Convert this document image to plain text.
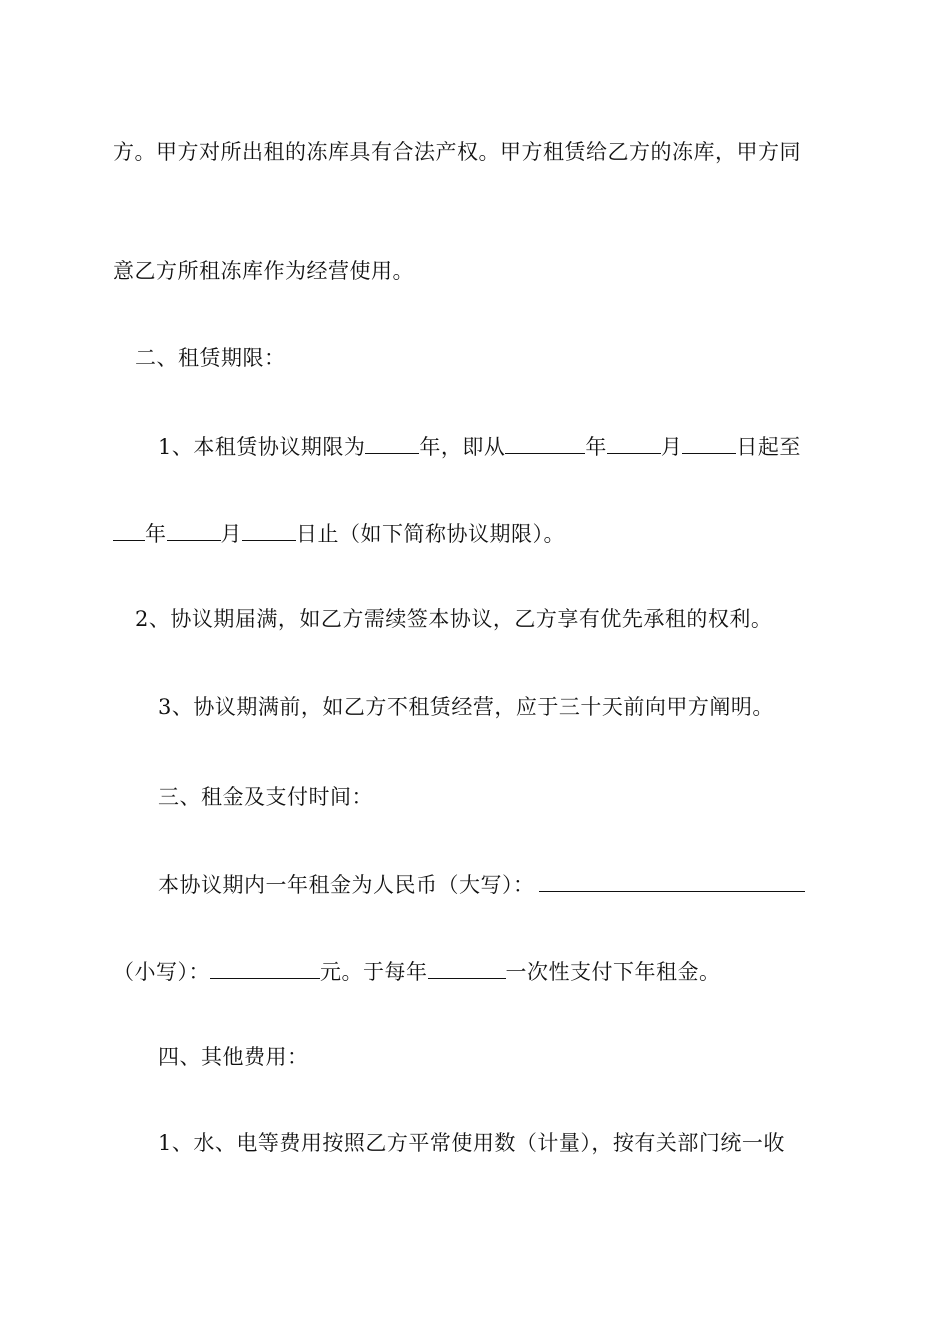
方。甲方对所出租的冻库具有合法产权。甲方租赁给乙方的冻库，甲方同
意乙方所租冻库作为经营使用。
二、租赁期限：
1、本租赁协议期限为	年，即从	年	月	日起至
年	月	日止（如下简称协议期限）。
2、协议期届满，如乙方需续签本协议，乙方享有优先承租的权利。
3、协议期满前，如乙方不租赁经营，应于三十天前向甲方阐明。
三、租金及支付时间：
本协议期内一年租金为人民币（大写）：
（小写）：	元。于每年	一次性支付下年租金。
四、其他费用：
1、水、电等费用按照乙方平常使用数（计量），按有关部门统一收
